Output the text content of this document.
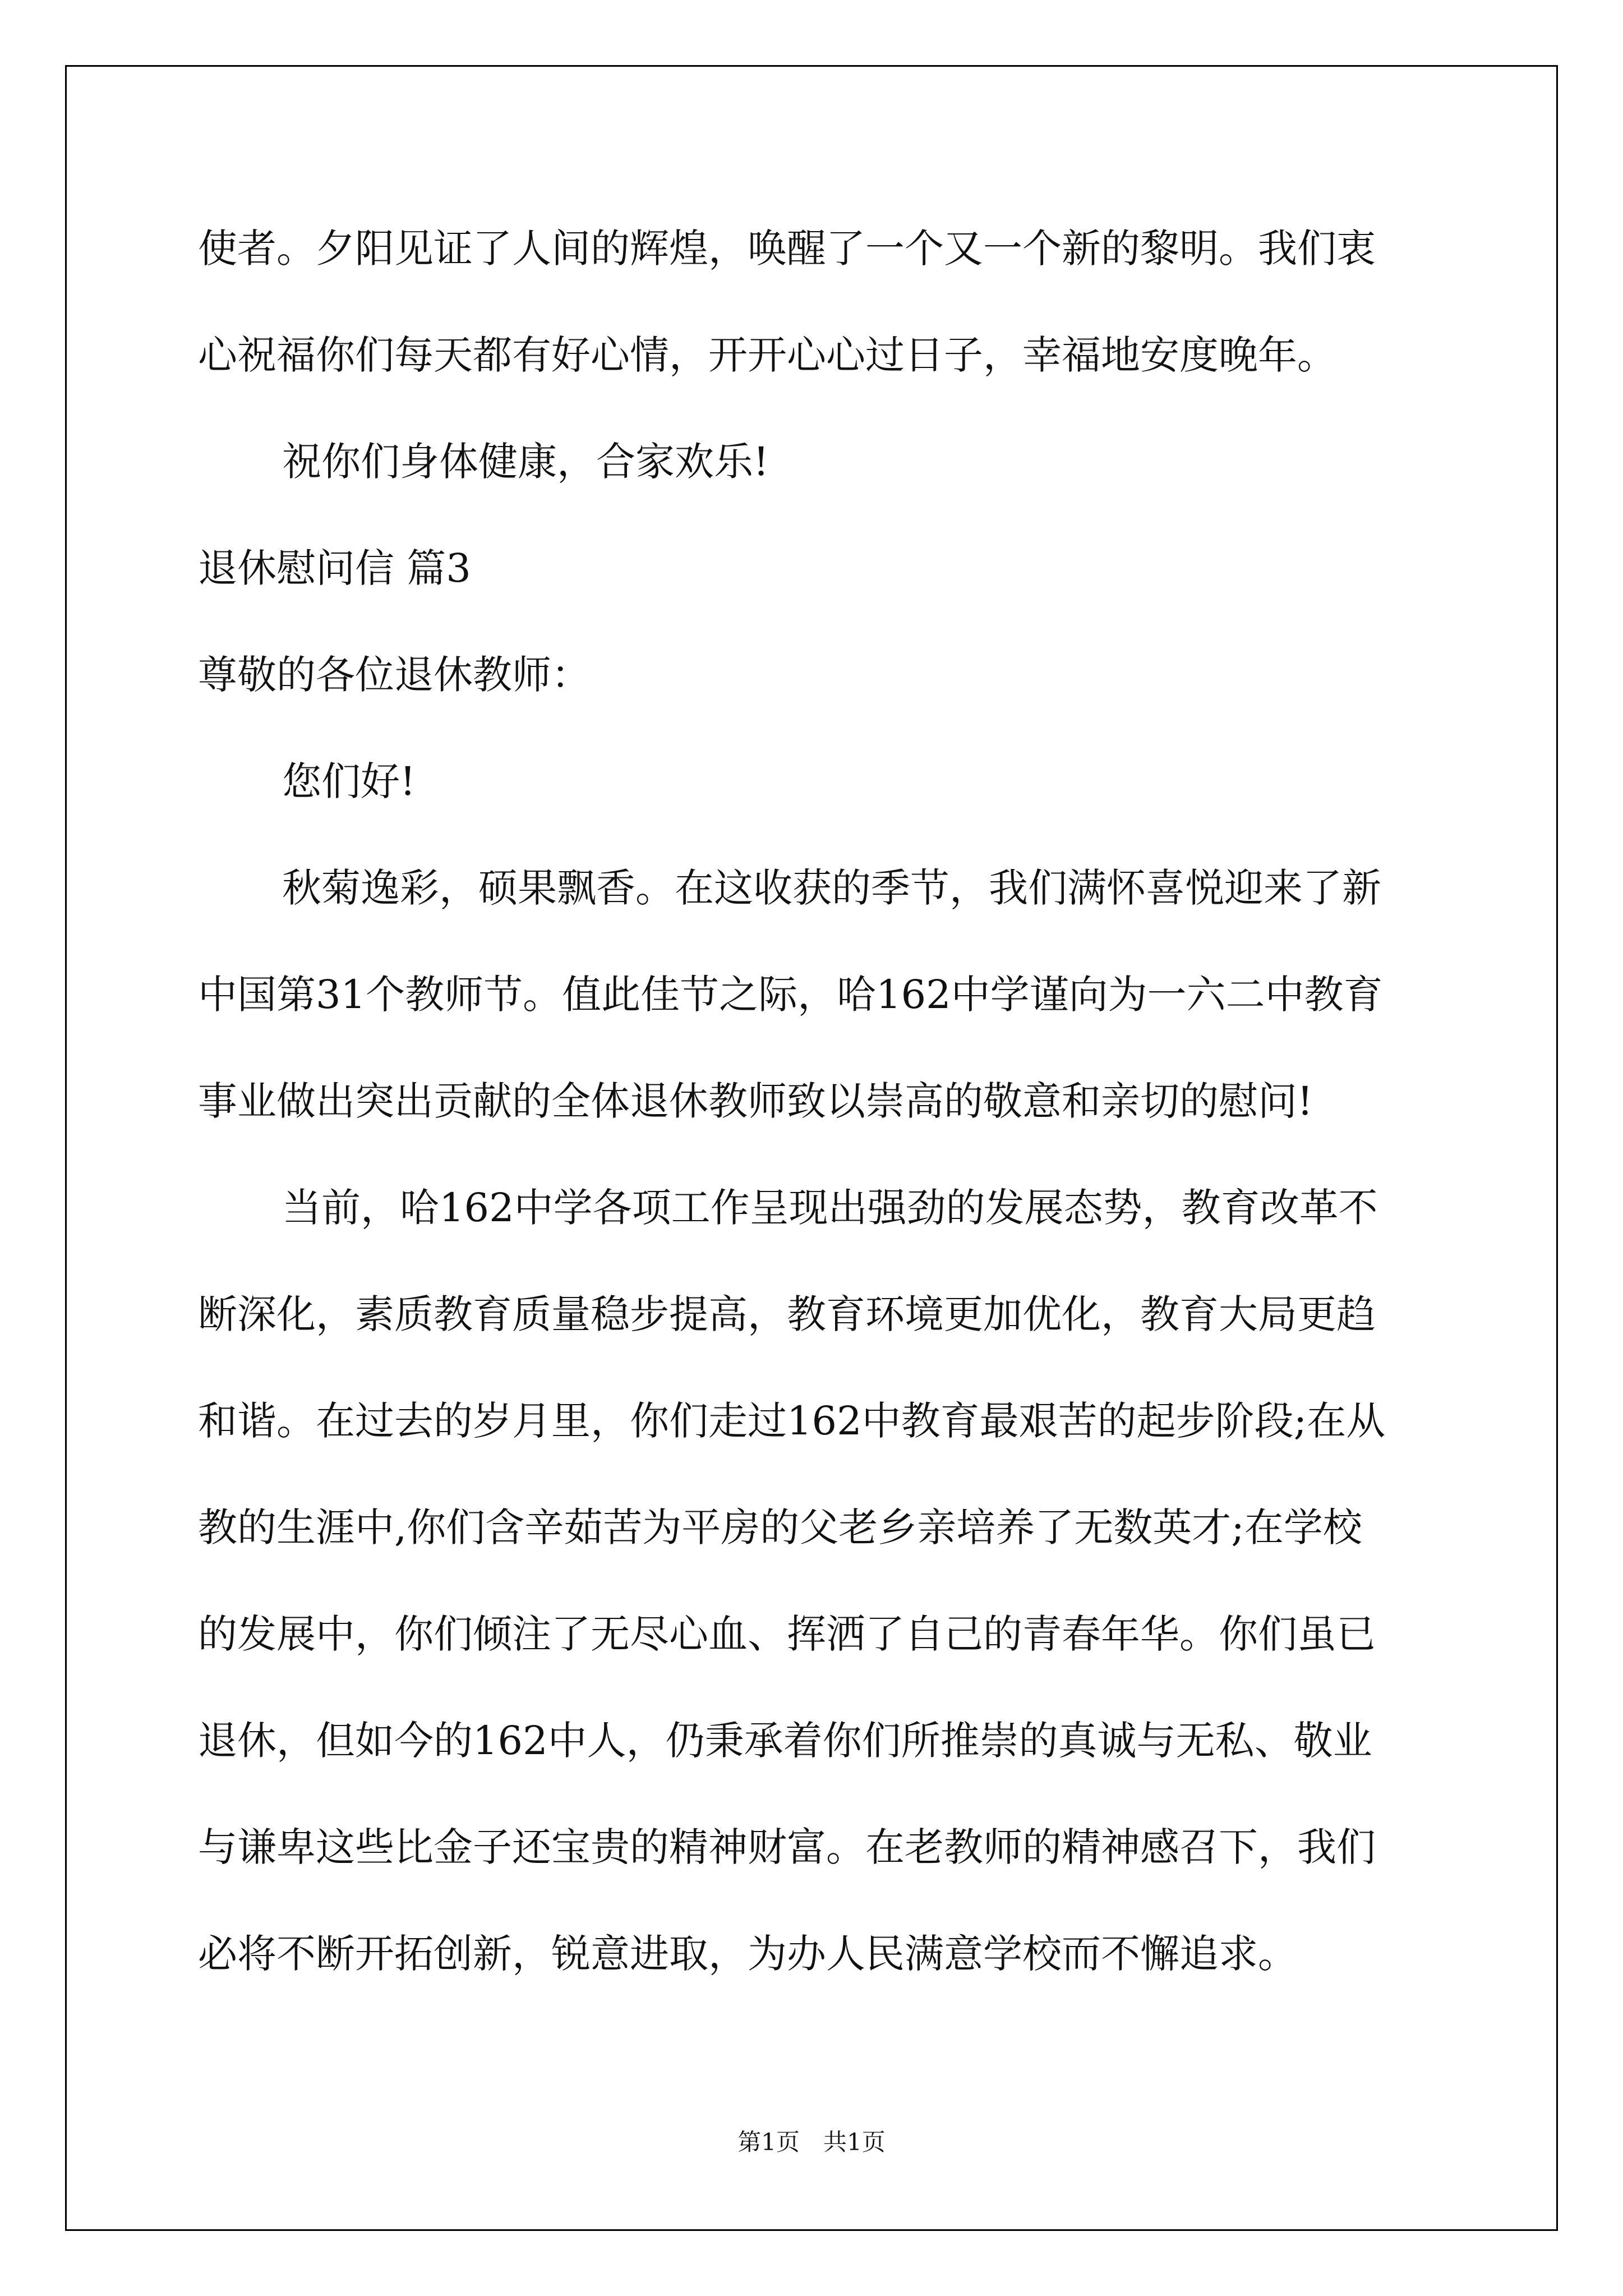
使者。夕阳见证了人间的辉煌，唤醒了一个又一个新的黎明。我们衷
心祝福你们每天都有好心情，开开心心过日子，幸福地安度晚年。
祝你们身体健康，合家欢乐!
退休慰问信 篇3
尊敬的各位退休教师：
您们好!
秋菊逸彩，硕果飘香。在这收获的季节，我们满怀喜悦迎来了新
中国第31个教师节。值此佳节之际，哈162中学谨向为一六二中教育
事业做出突出贡献的全体退休教师致以崇高的敬意和亲切的慰问!
当前，哈162中学各项工作呈现出强劲的发展态势，教育改革不
断深化，素质教育质量稳步提高，教育环境更加优化，教育大局更趋
和谐。在过去的岁月里，你们走过162中教育最艰苦的起步阶段;在从
教的生涯中,你们含辛茹苦为平房的父老乡亲培养了无数英才;在学校
的发展中，你们倾注了无尽心血、挥洒了自己的青春年华。你们虽已
退休，但如今的162中人，仍秉承着你们所推崇的真诚与无私、敬业
与谦卑这些比金子还宝贵的精神财富。在老教师的精神感召下，我们
必将不断开拓创新，锐意进取，为办人民满意学校而不懈追求。
第1页　共1页
